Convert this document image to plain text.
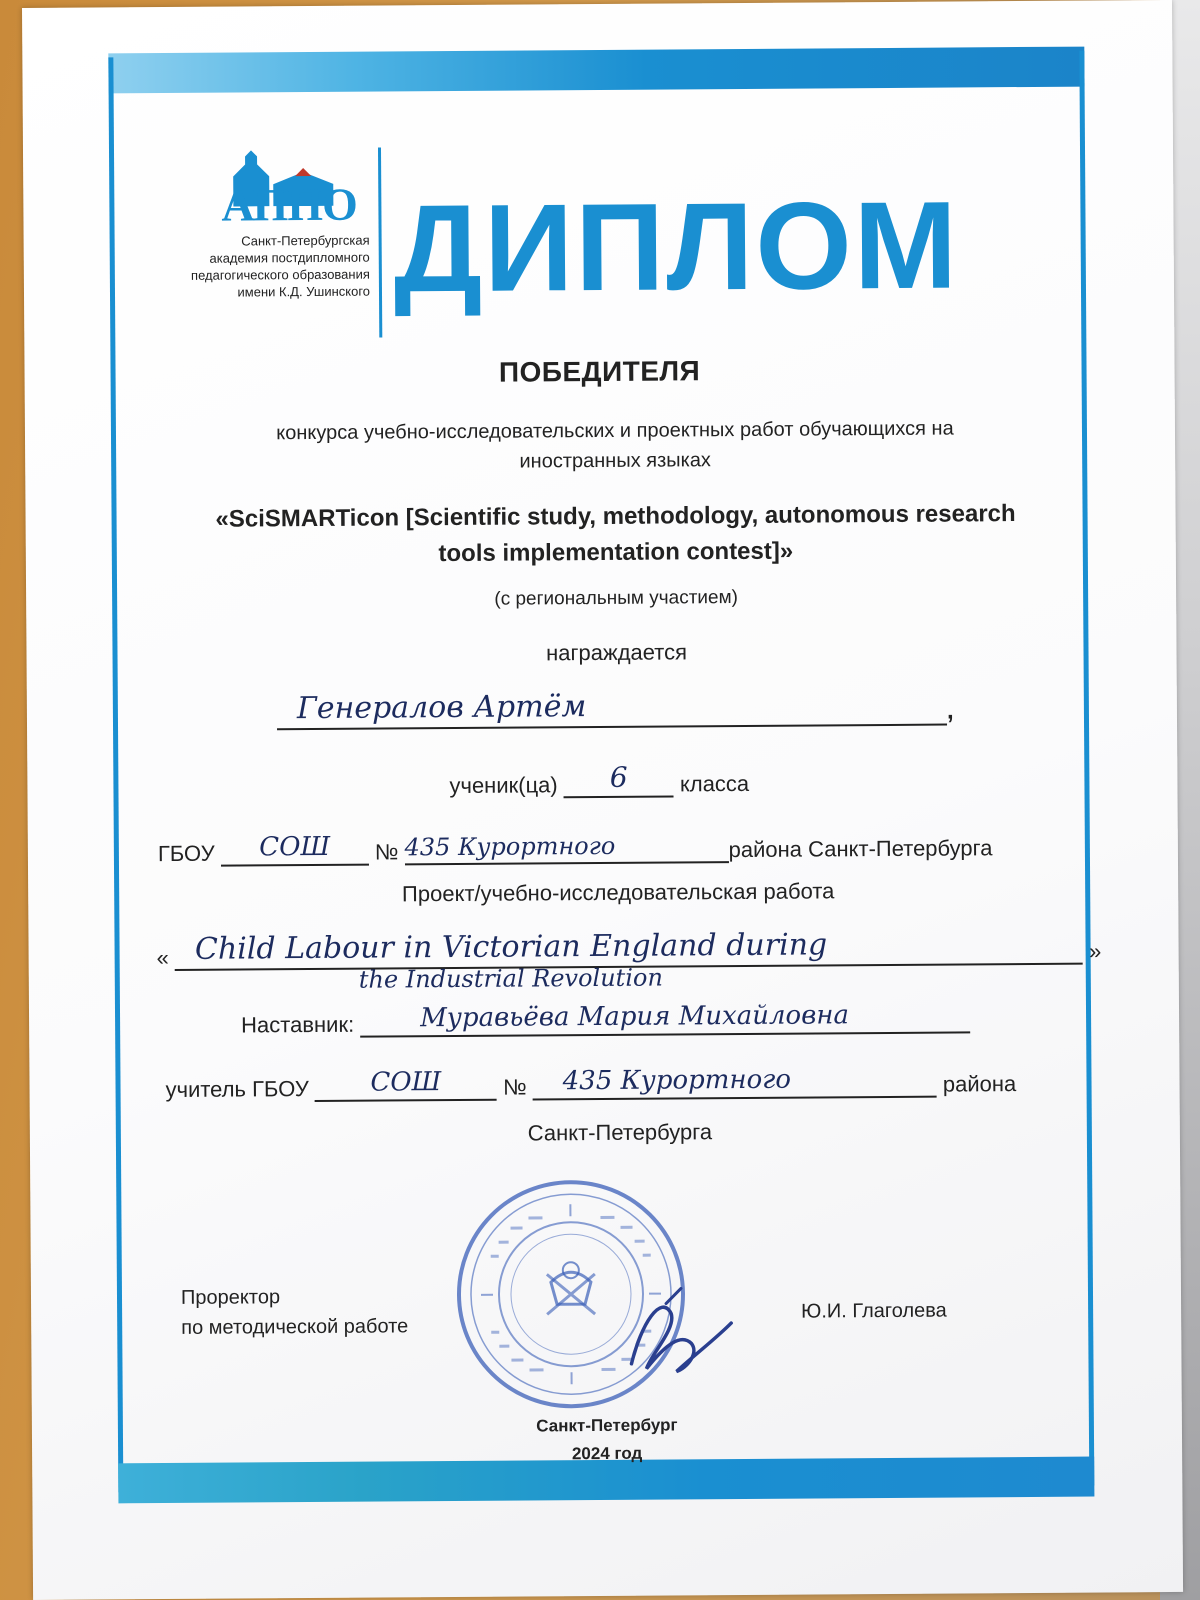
АППО
Санкт-Петербургская
академия постдипломного
педагогического образования
имени К.Д. Ушинского ДИПЛОМ
ПОБЕДИТЕЛЯ
конкурса учебно-исследовательских и проектных работ обучающихся на
иностранных языках
«SciSMARTicon [Scientific study, methodology, autonomous research
tools implementation contest]»
(с региональным участием)
награждается
Генералов Артём	,
ученик(ца)	6	класса
ГБОУ	СОШ	№ 435 Курортного	района Санкт-Петербурга
Проект/учебно-исследовательская работа
« Child Labour in Victorian England during	»
the Industrial Revolution
Наставник:	Муравьёва Мария Михайловна
учитель ГБОУ	СОШ	№ 435 Курортного	района
Санкт-Петербурга
Проректор
по методической работе
Ю.И. Глаголева
Санкт-Петербург
2024 год
